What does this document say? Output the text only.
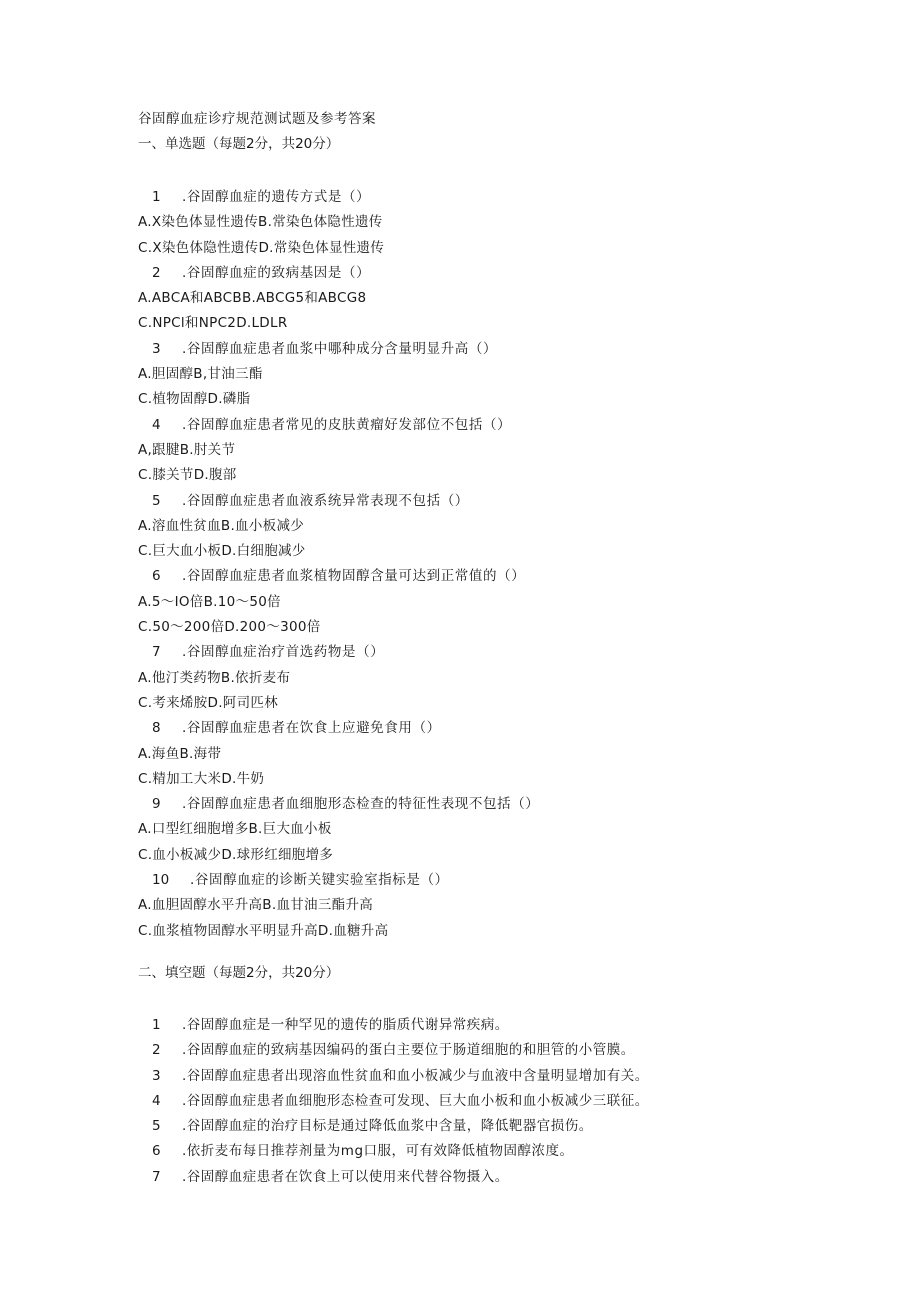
谷固醇血症诊疗规范测试题及参考答案
一、单选题（每题2分，共20分）
1 .谷固醇血症的遗传方式是（）
A.X染色体显性遗传B.常染色体隐性遗传
C.X染色体隐性遗传D.常染色体显性遗传
2 .谷固醇血症的致病基因是（）
A.ABCA和ABCBB.ABCG5和ABCG8
C.NPCl和NPC2D.LDLR
3 .谷固醇血症患者血浆中哪种成分含量明显升高（）
A.胆固醇B,甘油三酯
C.植物固醇D.磷脂
4 .谷固醇血症患者常见的皮肤黄瘤好发部位不包括（）
A,跟腱B.肘关节
C.膝关节D.腹部
5 .谷固醇血症患者血液系统异常表现不包括（）
A.溶血性贫血B.血小板减少
C.巨大血小板D.白细胞减少
6 .谷固醇血症患者血浆植物固醇含量可达到正常值的（）
A.5～IO倍B.10～50倍
C.50～200倍D.200～300倍
7 .谷固醇血症治疗首选药物是（）
A.他汀类药物B.依折麦布
C.考来烯胺D.阿司匹林
8 .谷固醇血症患者在饮食上应避免食用（）
A.海鱼B.海带
C.精加工大米D.牛奶
9 .谷固醇血症患者血细胞形态检查的特征性表现不包括（）
A.口型红细胞增多B.巨大血小板
C.血小板减少D.球形红细胞增多
10 .谷固醇血症的诊断关键实验室指标是（）
A.血胆固醇水平升高B.血甘油三酯升高
C.血浆植物固醇水平明显升高D.血糖升高
二、填空题（每题2分，共20分）
1 .谷固醇血症是一种罕见的遗传的脂质代谢异常疾病。
2 .谷固醇血症的致病基因编码的蛋白主要位于肠道细胞的和胆管的小管膜。
3 .谷固醇血症患者出现溶血性贫血和血小板减少与血液中含量明显增加有关。
4 .谷固醇血症患者血细胞形态检查可发现、巨大血小板和血小板减少三联征。
5 .谷固醇血症的治疗目标是通过降低血浆中含量，降低靶器官损伤。
6 .依折麦布每日推荐剂量为mg口服，可有效降低植物固醇浓度。
7 .谷固醇血症患者在饮食上可以使用来代替谷物摄入。
